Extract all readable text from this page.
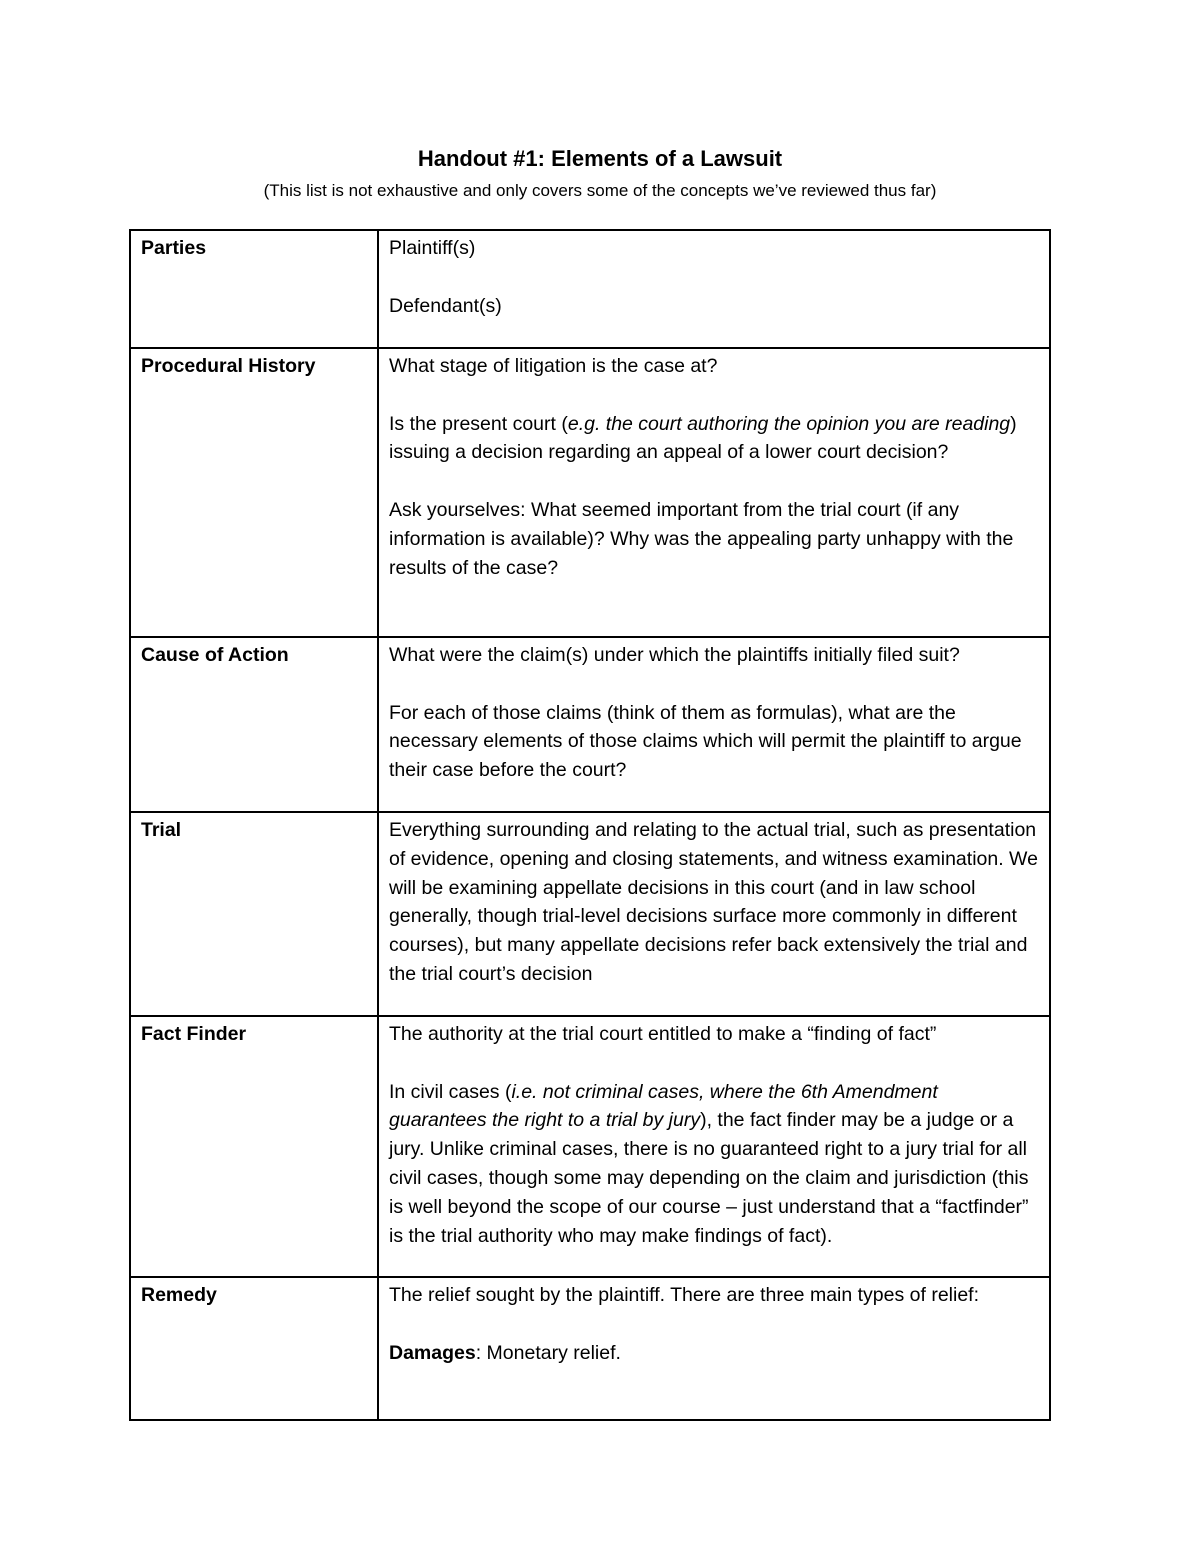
Handout #1: Elements of a Lawsuit
(This list is not exhaustive and only covers some of the concepts we’ve reviewed thus far)
Parties	Plaintiff(s)

Defendant(s)

Procedural History	What stage of litigation is the case at?

Is the present court (e.g. the court authoring the opinion you are reading) issuing a decision regarding an appeal of a lower court decision?

Ask yourselves: What seemed important from the trial court (if any information is available)? Why was the appealing party unhappy with the results of the case?

Cause of Action	What were the claim(s) under which the plaintiffs initially filed suit?

For each of those claims (think of them as formulas), what are the necessary elements of those claims which will permit the plaintiff to argue their case before the court?

Trial	Everything surrounding and relating to the actual trial, such as presentation of evidence, opening and closing statements, and witness examination. We will be examining appellate decisions in this court (and in law school generally, though trial-level decisions surface more commonly in different courses), but many appellate decisions refer back extensively the trial and the trial court’s decision

Fact Finder	The authority at the trial court entitled to make a “finding of fact”

In civil cases (i.e. not criminal cases, where the 6th Amendment guarantees the right to a trial by jury), the fact finder may be a judge or a jury. Unlike criminal cases, there is no guaranteed right to a jury trial for all civil cases, though some may depending on the claim and jurisdiction (this is well beyond the scope of our course – just understand that a “factfinder” is the trial authority who may make findings of fact).

Remedy	The relief sought by the plaintiff. There are three main types of relief:

Damages: Monetary relief.
